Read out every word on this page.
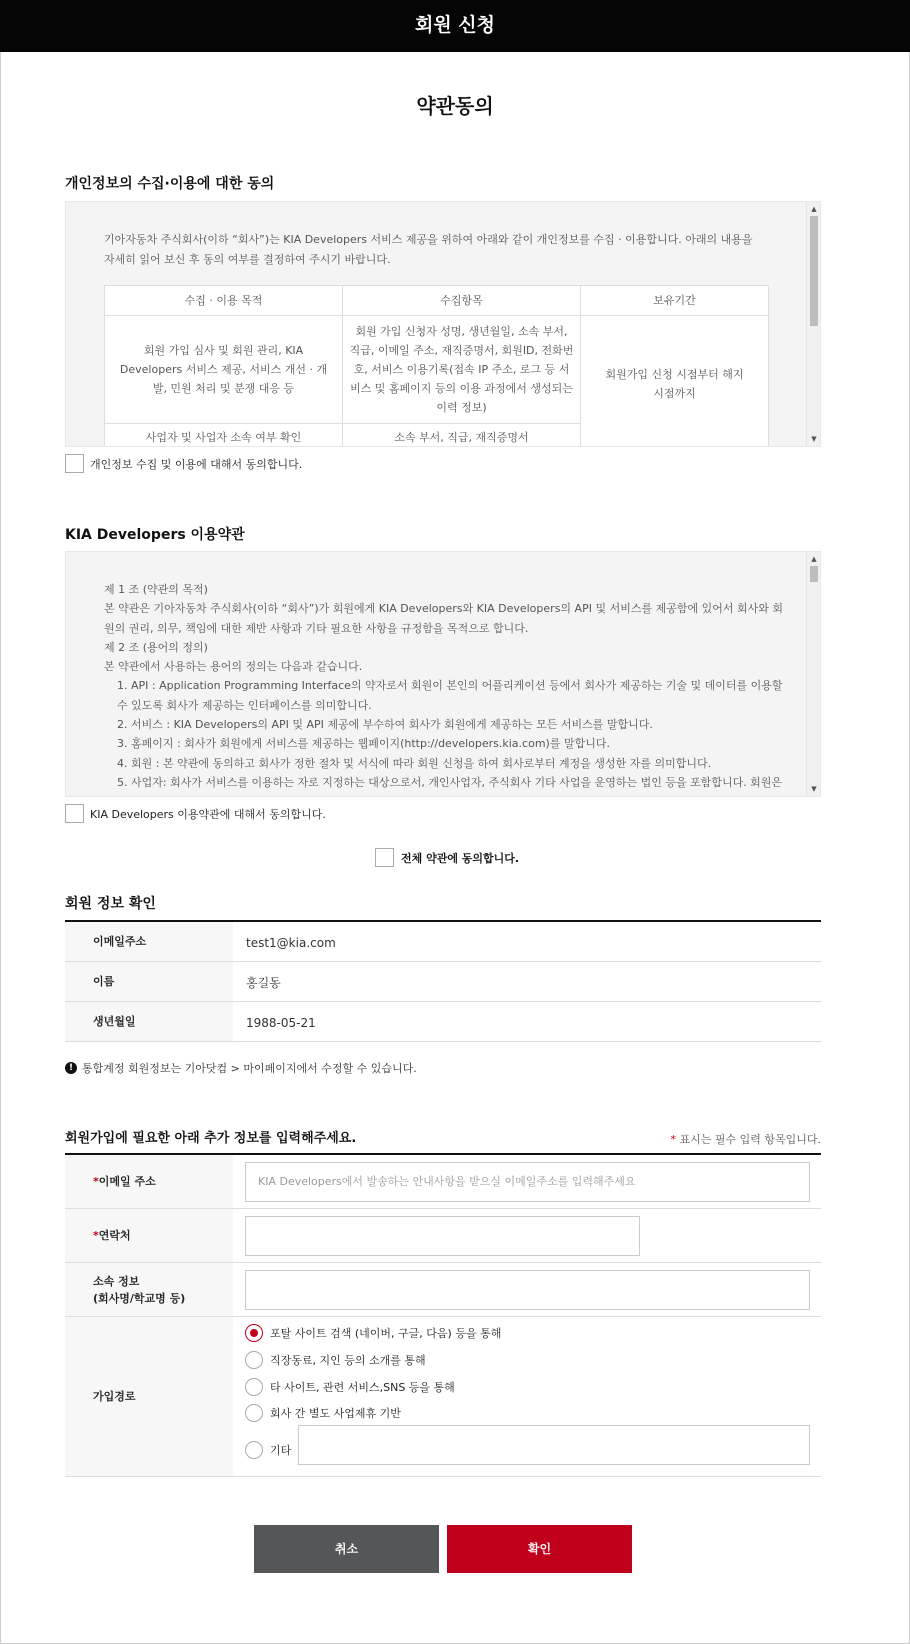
회원 신청
약관동의
개인정보의 수집·이용에 대한 동의
기아자동차 주식회사(이하 “회사”)는 KIA Developers 서비스 제공을 위하여 아래와 같이 개인정보를 수집 · 이용합니다. 아래의 내용을 자세히 읽어 보신 후 동의 여부를 결정하여 주시기 바랍니다.
수집 · 이용 목적	수집항목	보유기간
회원 가입 심사 및 회원 관리, KIA Developers 서비스 제공, 서비스 개선 · 개발, 민원 처리 및 분쟁 대응 등	회원 가입 신청자 성명, 생년월일, 소속 부서, 직급, 이메일 주소, 재직증명서, 회원ID, 전화번호, 서비스 이용기록(접속 IP 주소, 로그 등 서비스 및 홈페이지 등의 이용 과정에서 생성되는 이력 정보)	회원가입 신청 시점부터 해지 시점까지
사업자 및 사업자 소속 여부 확인	소속 부서, 직급, 재직증명서	
▲
▼
개인정보 수집 및 이용에 대해서 동의합니다.
KIA Developers 이용약관
제 1 조 (약관의 목적)
본 약관은 기아자동차 주식회사(이하 “회사”)가 회원에게 KIA Developers와 KIA Developers의 API 및 서비스를 제공함에 있어서 회사와 회원의 권리, 의무, 책임에 대한 제반 사항과 기타 필요한 사항을 규정함을 목적으로 합니다.
제 2 조 (용어의 정의)
본 약관에서 사용하는 용어의 정의는 다음과 같습니다.
1. API : Application Programming Interface의 약자로서 회원이 본인의 어플리케이션 등에서 회사가 제공하는 기술 및 데이터를 이용할 수 있도록 회사가 제공하는 인터페이스를 의미합니다.
2. 서비스 : KIA Developers의 API 및 API 제공에 부수하여 회사가 회원에게 제공하는 모든 서비스를 말합니다.
3. 홈페이지 : 회사가 회원에게 서비스를 제공하는 웹페이지(http://developers.kia.com)를 말합니다.
4. 회원 : 본 약관에 동의하고 회사가 정한 절차 및 서식에 따라 회원 신청을 하여 회사로부터 계정을 생성한 자를 의미합니다.
5. 사업자: 회사가 서비스를 이용하는 자로 지정하는 대상으로서, 개인사업자, 주식회사 기타 사업을 운영하는 법인 등을 포함합니다. 회원은
▲
▼
KIA Developers 이용약관에 대해서 동의합니다.
전체 약관에 동의합니다.
회원 정보 확인
이메일주소	test1@kia.com
이름	홍길동
생년월일	1988-05-21
! 통합계정 회원정보는 기아닷컴 > 마이페이지에서 수정할 수 있습니다.
회원가입에 필요한 아래 추가 정보를 입력해주세요.	* 표시는 필수 입력 항목입니다.
* 이메일 주소	KIA Developers에서 발송하는 안내사항을 받으실 이메일주소를 입력해주세요
* 연락처
소속 정보
(회사명/학교명 등)
가입경로
포탈 사이트 검색 (네이버, 구글, 다음) 등을 통해
직장동료, 지인 등의 소개를 통해
타 사이트, 관련 서비스,SNS 등을 통해
회사 간 별도 사업제휴 기반
기타
취소	확인
